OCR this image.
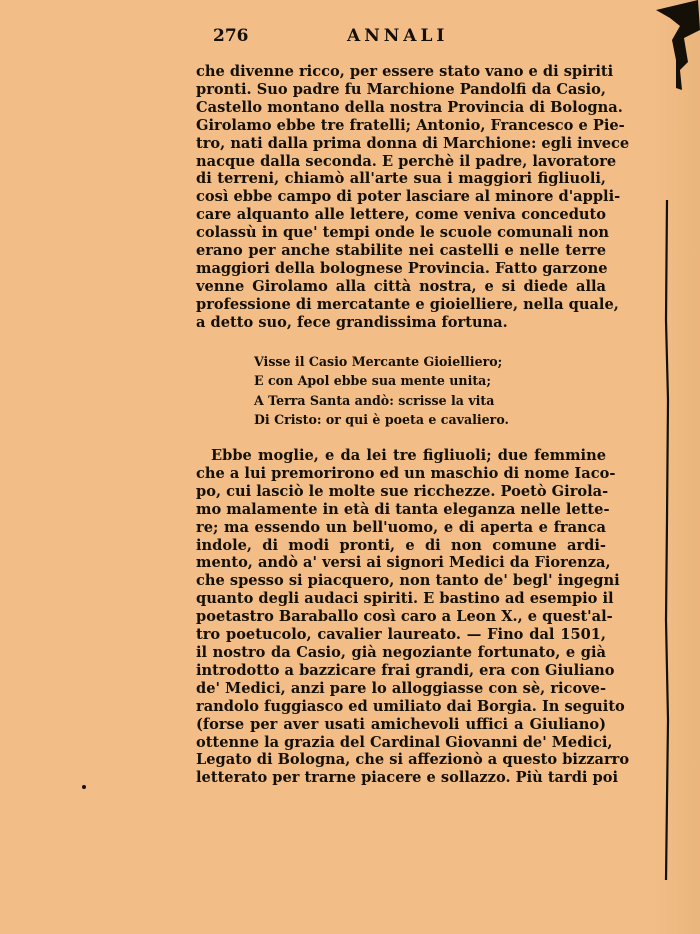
276	ANNALI
che divenne ricco, per essere stato vano e di spiriti
pronti. Suo padre fu Marchione Pandolfi da Casio,
Castello montano della nostra Provincia di Bologna.
Girolamo ebbe tre fratelli; Antonio, Francesco e Pie-
tro, nati dalla prima donna di Marchione: egli invece
nacque dalla seconda. E perchè il padre, lavoratore
di terreni, chiamò all'arte sua i maggiori figliuoli,
così ebbe campo di poter lasciare al minore d'appli-
care alquanto alle lettere, come veniva conceduto
colassù in que' tempi onde le scuole comunali non
erano per anche stabilite nei castelli e nelle terre
maggiori della bolognese Provincia. Fatto garzone
venne Girolamo alla città nostra, e si diede alla
professione di mercatante e gioielliere, nella quale,
a detto suo, fece grandissima fortuna.
Visse il Casio Mercante Gioielliero;
E con Apol ebbe sua mente unita;
A Terra Santa andò: scrisse la vita
Di Cristo: or qui è poeta e cavaliero.
Ebbe moglie, e da lei tre figliuoli; due femmine
che a lui premorirono ed un maschio di nome Iaco-
po, cui lasciò le molte sue ricchezze. Poetò Girola-
mo malamente in età di tanta eleganza nelle lette-
re; ma essendo un bell'uomo, e di aperta e franca
indole, di modi pronti, e di non comune ardi-
mento, andò a' versi ai signori Medici da Fiorenza,
che spesso si piacquero, non tanto de' begl' ingegni
quanto degli audaci spiriti. E bastino ad esempio il
poetastro Baraballo così caro a Leon X., e quest'al-
tro poetucolo, cavalier laureato. — Fino dal 1501,
il nostro da Casio, già negoziante fortunato, e già
introdotto a bazzicare frai grandi, era con Giuliano
de' Medici, anzi pare lo alloggiasse con sè, ricove-
randolo fuggiasco ed umiliato dai Borgia. In seguito
(forse per aver usati amichevoli uffici a Giuliano)
ottenne la grazia del Cardinal Giovanni de' Medici,
Legato di Bologna, che si affezionò a questo bizzarro
letterato per trarne piacere e sollazzo. Più tardi poi
